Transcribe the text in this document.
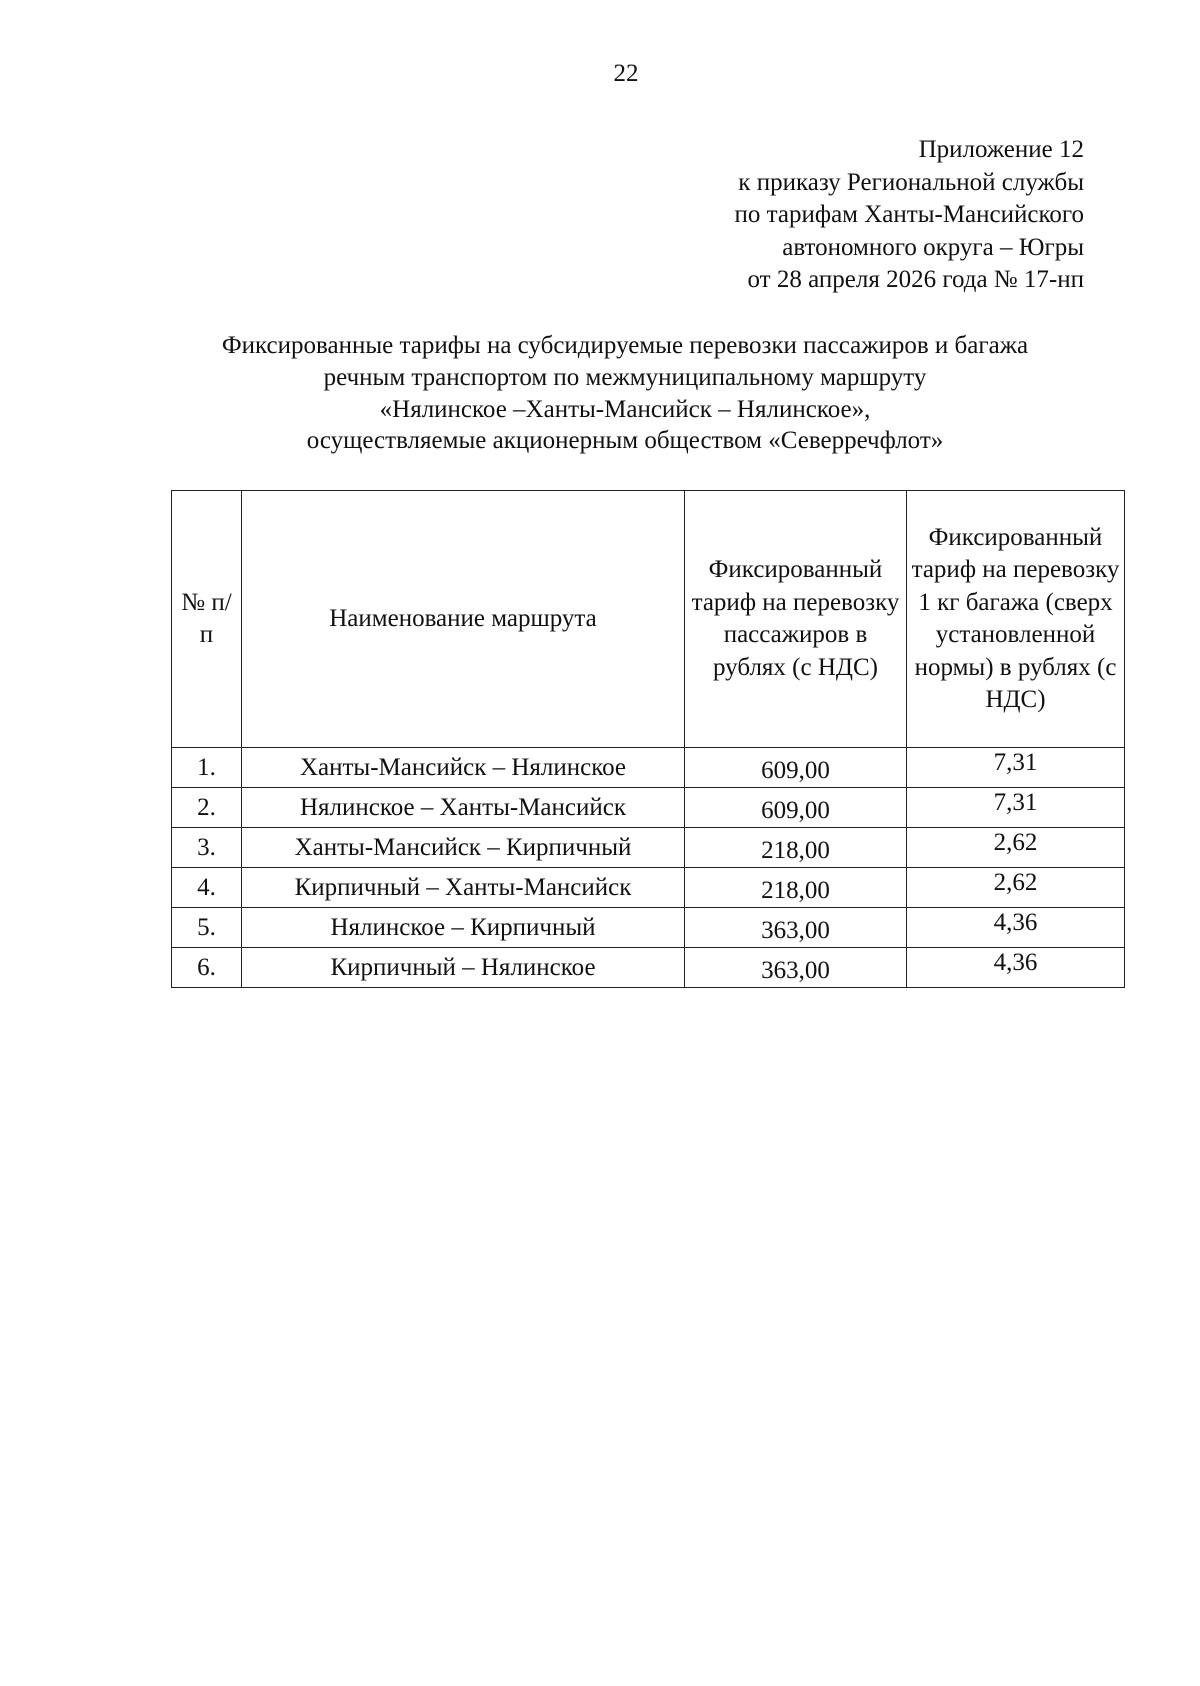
22
Приложение 12
к приказу Региональной службы
по тарифам Ханты-Мансийского
автономного округа – Югры
от 28 апреля 2026 года № 17-нп
Фиксированные тарифы на субсидируемые перевозки пассажиров и багажа
речным транспортом по межмуниципальному маршруту
«Нялинское –Ханты-Мансийск – Нялинское»,
осуществляемые акционерным обществом «Северречфлот»
№ п/п	Наименование маршрута	Фиксированный тариф на перевозку пассажиров в рублях (с НДС)	Фиксированный тариф на перевозку 1 кг багажа (сверх установленной нормы) в рублях (с НДС)
1.	Ханты-Мансийск – Нялинское	609,00	7,31
2.	Нялинское – Ханты-Мансийск	609,00	7,31
3.	Ханты-Мансийск – Кирпичный	218,00	2,62
4.	Кирпичный – Ханты-Мансийск	218,00	2,62
5.	Нялинское – Кирпичный	363,00	4,36
6.	Кирпичный – Нялинское	363,00	4,36
